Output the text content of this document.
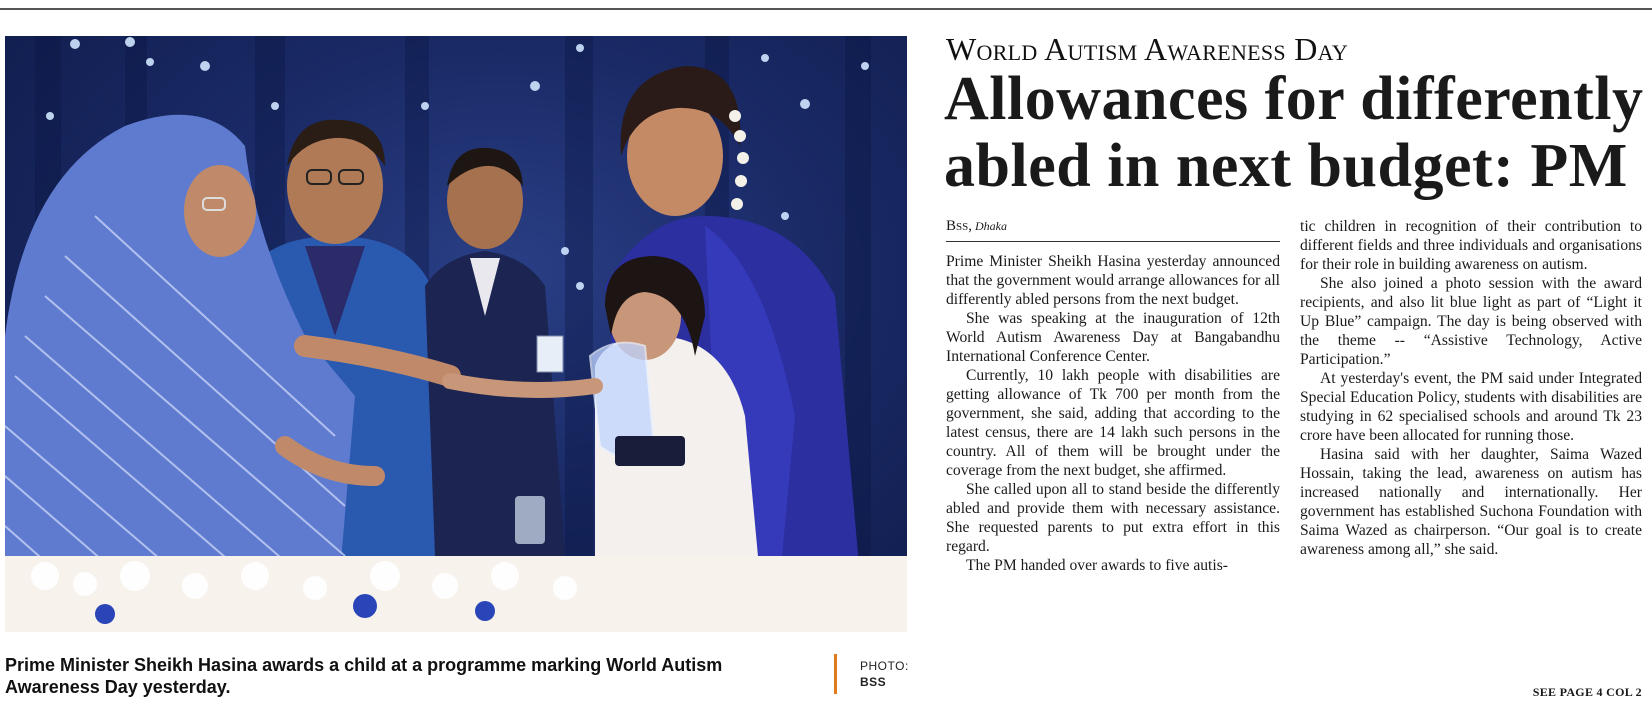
Prime Minister Sheikh Hasina awards a child at a programme marking World Autism Awareness Day yesterday.
PHOTO:
BSS
World Autism Awareness Day
Allowances for differently abled in next budget: PM
Bss, Dhaka

Prime Minister Sheikh Hasina yesterday announced that the government would arrange allowances for all differently abled persons from the next budget.

She was speaking at the inauguration of 12th World Autism Awareness Day at Bangabandhu International Conference Center.

Currently, 10 lakh people with disabilities are getting allowance of Tk 700 per month from the government, she said, adding that according to the latest census, there are 14 lakh such persons in the country. All of them will be brought under the coverage from the next budget, she affirmed.

She called upon all to stand beside the differently abled and provide them with necessary assistance. She requested parents to put extra effort in this regard.

The PM handed over awards to five autis-

tic children in recognition of their contribution to different fields and three individuals and organisations for their role in building awareness on autism.

She also joined a photo session with the award recipients, and also lit blue light as part of “Light it Up Blue” campaign. The day is being observed with the theme -- “Assistive Technology, Active Participation.”

At yesterday's event, the PM said under Integrated Special Education Policy, students with disabilities are studying in 62 specialised schools and around Tk 23 crore have been allocated for running those.

Hasina said with her daughter, Saima Wazed Hossain, taking the lead, awareness on autism has increased nationally and internationally. Her government has established Suchona Foundation with Saima Wazed as chairperson. “Our goal is to create awareness among all,” she said.

SEE PAGE 4 COL 2
